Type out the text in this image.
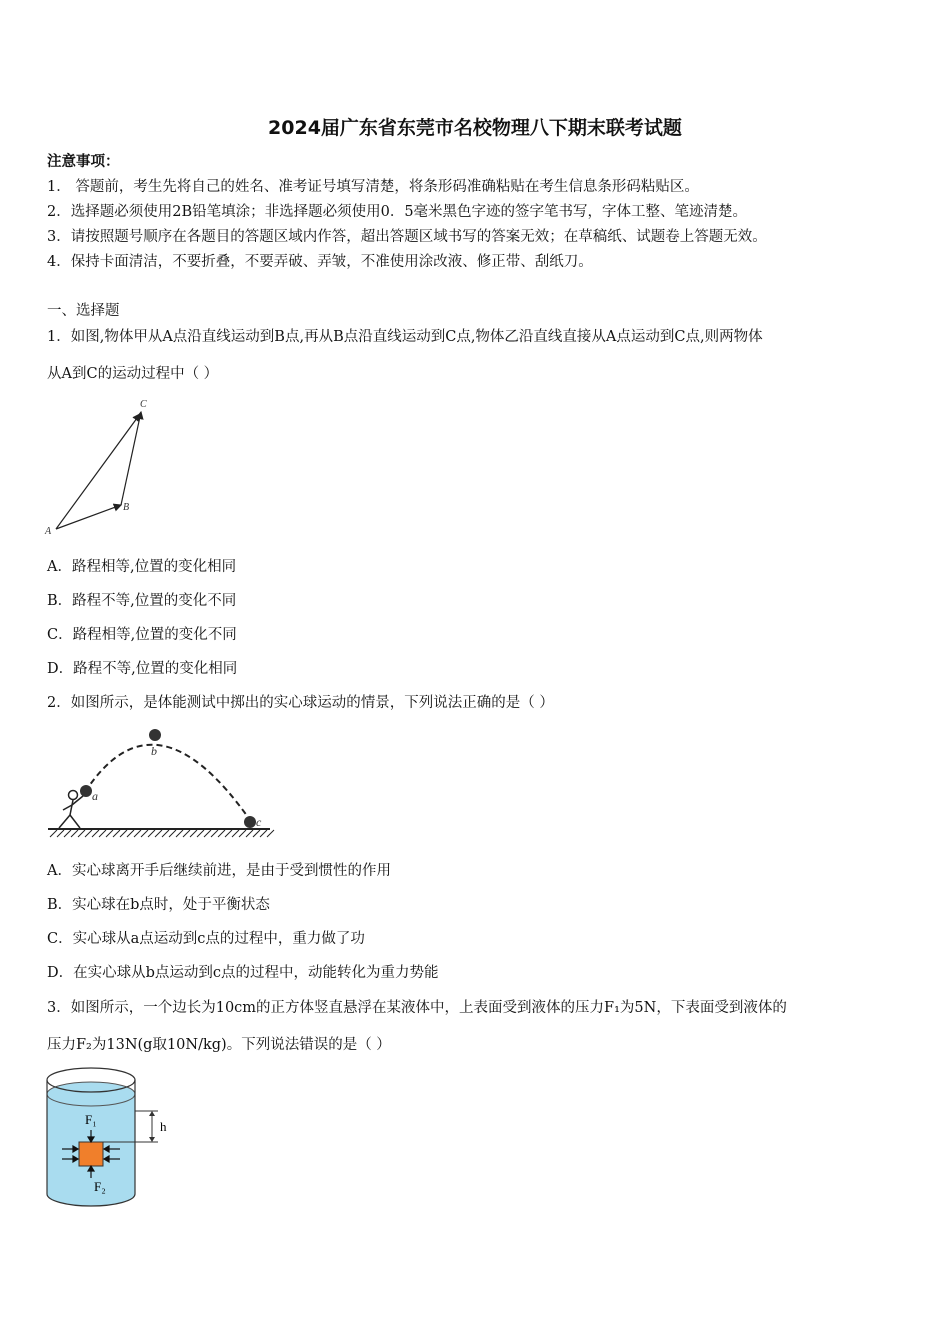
2024届广东省东莞市名校物理八下期末联考试题
注意事项：
1． 答题前，考生先将自己的姓名、准考证号填写清楚，将条形码准确粘贴在考生信息条形码粘贴区。
2．选择题必须使用2B铅笔填涂；非选择题必须使用0．5毫米黑色字迹的签字笔书写，字体工整、笔迹清楚。
3．请按照题号顺序在各题目的答题区域内作答，超出答题区域书写的答案无效；在草稿纸、试题卷上答题无效。
4．保持卡面清洁，不要折叠，不要弄破、弄皱，不准使用涂改液、修正带、刮纸刀。
一、选择题
1．如图,物体甲从A点沿直线运动到B点,再从B点沿直线运动到C点,物体乙沿直线直接从A点运动到C点,则两物体
从A到C的运动过程中（ ）
A
B
C
A．路程相等,位置的变化相同
B．路程不等,位置的变化不同
C．路程相等,位置的变化不同
D．路程不等,位置的变化相同
2．如图所示，是体能测试中掷出的实心球运动的情景，下列说法正确的是（ ）
a
b
c
A．实心球离开手后继续前进，是由于受到惯性的作用
B．实心球在b点时，处于平衡状态
C．实心球从a点运动到c点的过程中，重力做了功
D．在实心球从b点运动到c点的过程中，动能转化为重力势能
3．如图所示，一个边长为10cm的正方体竖直悬浮在某液体中，上表面受到液体的压力F₁为5N，下表面受到液体的
压力F₂为13N(g取10N/kg)。下列说法错误的是（ ）
F₁
F₂
h
